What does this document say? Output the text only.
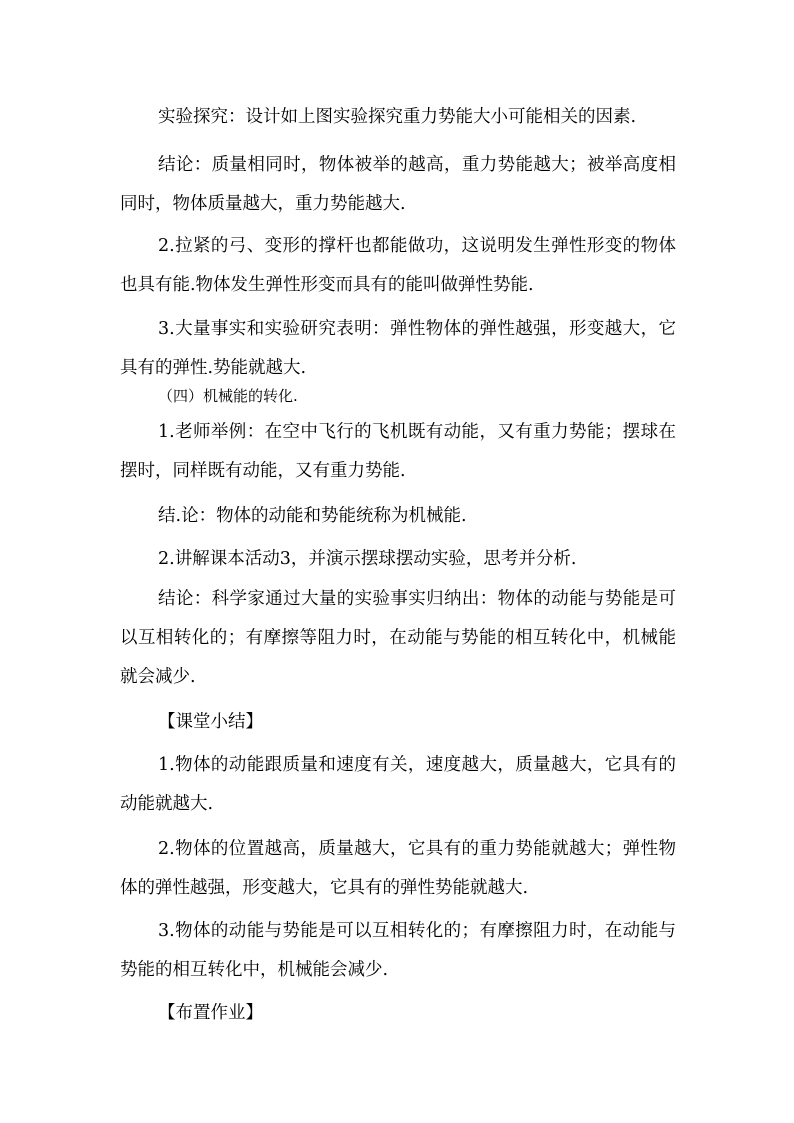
实验探究：设计如上图实验探究重力势能大小可能相关的因素.

结论：质量相同时，物体被举的越高，重力势能越大；被举高度相同时，物体质量越大，重力势能越大.

2.拉紧的弓、变形的撑杆也都能做功，这说明发生弹性形变的物体也具有能.物体发生弹性形变而具有的能叫做弹性势能.

3.大量事实和实验研究表明：弹性物体的弹性越强，形变越大，它具有的弹性.势能就越大.

（四）机械能的转化.

1.老师举例：在空中飞行的飞机既有动能，又有重力势能；摆球在摆时，同样既有动能，又有重力势能.

结.论：物体的动能和势能统称为机械能.

2.讲解课本活动3，并演示摆球摆动实验，思考并分析.

结论：科学家通过大量的实验事实归纳出：物体的动能与势能是可以互相转化的；有摩擦等阻力时，在动能与势能的相互转化中，机械能就会减少.

【课堂小结】

1.物体的动能跟质量和速度有关，速度越大，质量越大，它具有的动能就越大.

2.物体的位置越高，质量越大，它具有的重力势能就越大；弹性物体的弹性越强，形变越大，它具有的弹性势能就越大.

3.物体的动能与势能是可以互相转化的；有摩擦阻力时，在动能与势能的相互转化中，机械能会减少.

【布置作业】
